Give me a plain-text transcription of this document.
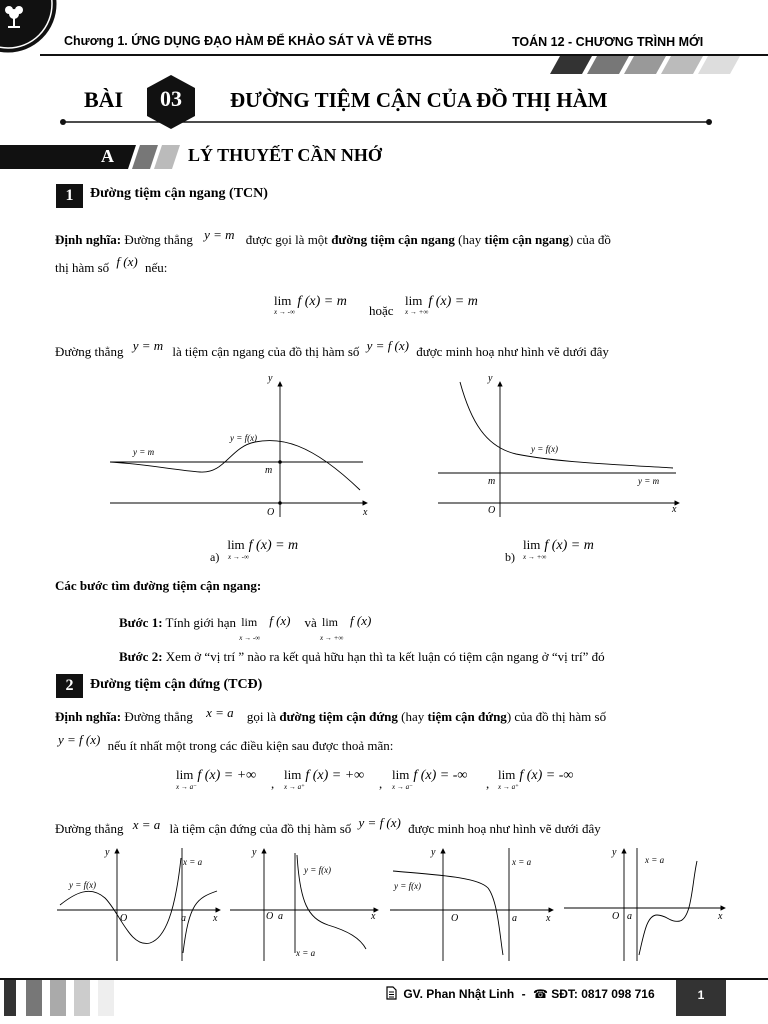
Chương 1. ỨNG DỤNG ĐẠO HÀM ĐỂ KHẢO SÁT VÀ VẼ ĐTHS	TOÁN 12 - CHƯƠNG TRÌNH MỚI
BÀI	03	ĐƯỜNG TIỆM CẬN CỦA ĐỒ THỊ HÀM
A	LÝ THUYẾT CẦN NHỚ
1	Đường tiệm cận ngang (TCN)
Định nghĩa: Đường thẳng y = m được gọi là một đường tiệm cận ngang (hay tiệm cận ngang) của đồ
thị hàm số f (x) nếu:
lim f (x) = m
x → -∞	hoặc
lim f (x) = m
x → +∞
Đường thẳng y = m là tiệm cận ngang của đồ thị hàm số y = f (x) được minh hoạ như hình vẽ dưới đây
y
x
O
m
y = m
y = f(x)
$_{a)}$ lim f (x) = m
x → -∞
y
x
O
m	y = m
y = f(x)
$_{b)}$ lim f (x) = m
x → +∞
Các bước tìm đường tiệm cận ngang:
Bước 1: Tính giới hạn lim f (x)
x → -∞
và lim f (x)
x → +∞
Bước 2: Xem ở “vị trí ” nào ra kết quả hữu hạn thì ta kết luận có tiệm cận ngang ở “vị trí” đó
2	Đường tiệm cận đứng (TCĐ)
Định nghĩa: Đường thẳng x = a gọi là đường tiệm cận đứng (hay tiệm cận đứng) của đồ thị hàm số
y = f (x) nếu ít nhất một trong các điều kiện sau được thoả mãn:
lim f (x) = +∞
x → a⁻	,
lim f (x) = +∞
x → a⁺	,
lim f (x) = -∞
x → a⁻	,
lim f (x) = -∞
x → a⁺
Đường thẳng x = a là tiệm cận đứng của đồ thị hàm số y = f (x) được minh hoạ như hình vẽ dưới đây
y
x
O	a
x = a
y = f(x)
y
x
O a
x = a
y = f(x)
y
x
O	a
x = a
y = f(x)
y
x
O a
x = a
GV. Phan Nhật Linh - ☎ SĐT: 0817 098 716	1
